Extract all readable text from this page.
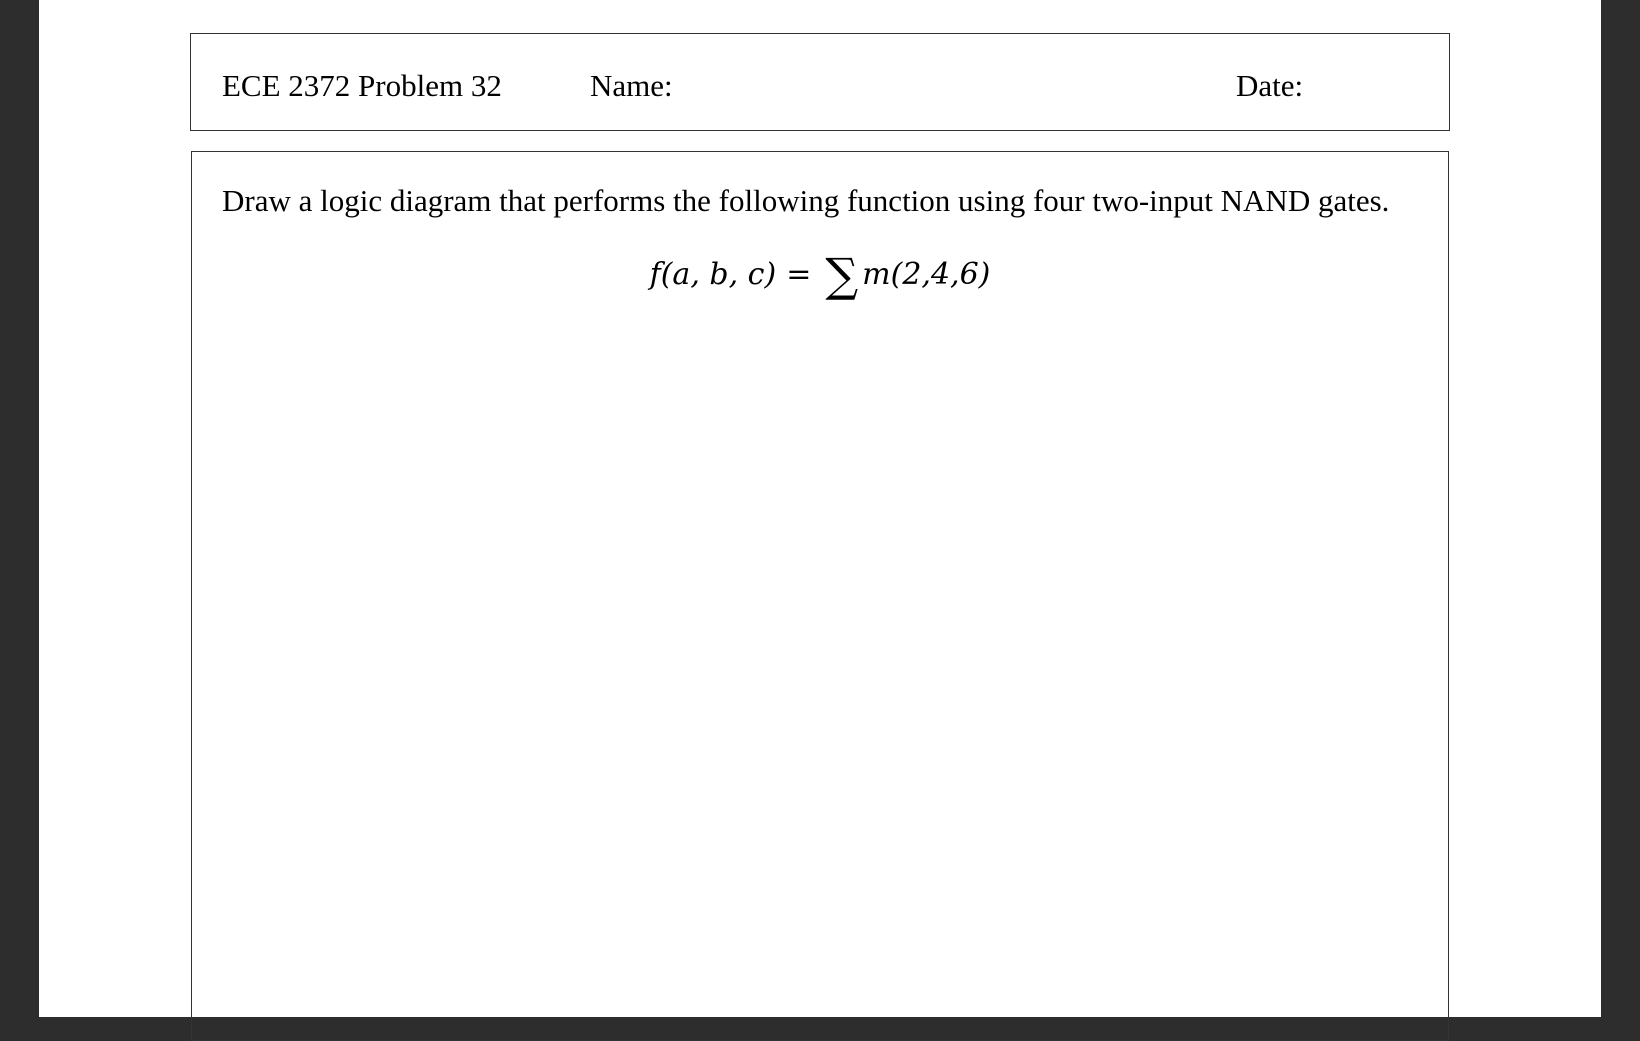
ECE 2372 Problem 32	Name:	Date:
Draw a logic diagram that performs the following function using four two-input NAND gates.
f(a, b, c) = ∑ m(2,4,6)
